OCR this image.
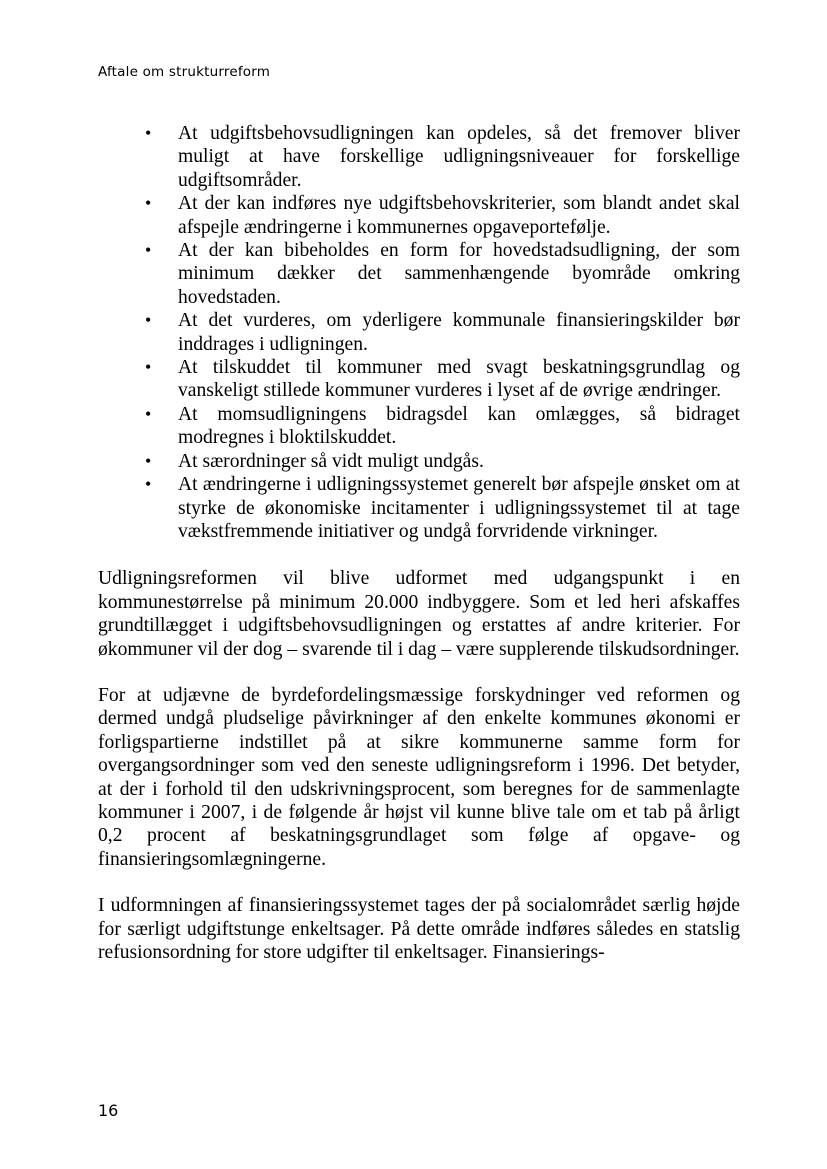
Aftale om strukturreform
• At udgiftsbehovsudligningen kan opdeles, så det fremover bliver muligt at have forskellige udligningsniveauer for forskellige udgiftsområder.
• At der kan indføres nye udgiftsbehovskriterier, som blandt andet skal afspejle ændringerne i kommunernes opgaveportefølje.
• At der kan bibeholdes en form for hovedstadsudligning, der som minimum dækker det sammenhængende byområde omkring hovedstaden.
• At det vurderes, om yderligere kommunale finansieringskilder bør inddrages i udligningen.
• At tilskuddet til kommuner med svagt beskatningsgrundlag og vanskeligt stillede kommuner vurderes i lyset af de øvrige ændringer.
• At momsudligningens bidragsdel kan omlægges, så bidraget modregnes i bloktilskuddet.
• At særordninger så vidt muligt undgås.
• At ændringerne i udligningssystemet generelt bør afspejle ønsket om at styrke de økonomiske incitamenter i udligningssystemet til at tage vækstfremmende initiativer og undgå forvridende virkninger.

Udligningsreformen vil blive udformet med udgangspunkt i en kommunestørrelse på minimum 20.000 indbyggere. Som et led heri afskaffes grundtillægget i udgiftsbehovsudligningen og erstattes af andre kriterier. For økommuner vil der dog – svarende til i dag – være supplerende tilskudsordninger.

For at udjævne de byrdefordelingsmæssige forskydninger ved reformen og dermed undgå pludselige påvirkninger af den enkelte kommunes økonomi er forligspartierne indstillet på at sikre kommunerne samme form for overgangsordninger som ved den seneste udligningsreform i 1996. Det betyder, at der i forhold til den udskrivningsprocent, som beregnes for de sammenlagte kommuner i 2007, i de følgende år højst vil kunne blive tale om et tab på årligt 0,2 procent af beskatningsgrundlaget som følge af opgave- og finansieringsomlægningerne.

I udformningen af finansieringssystemet tages der på socialområdet særlig højde for særligt udgiftstunge enkeltsager. På dette område indføres således en statslig refusionsordning for store udgifter til enkeltsager. Finansierings-

16
